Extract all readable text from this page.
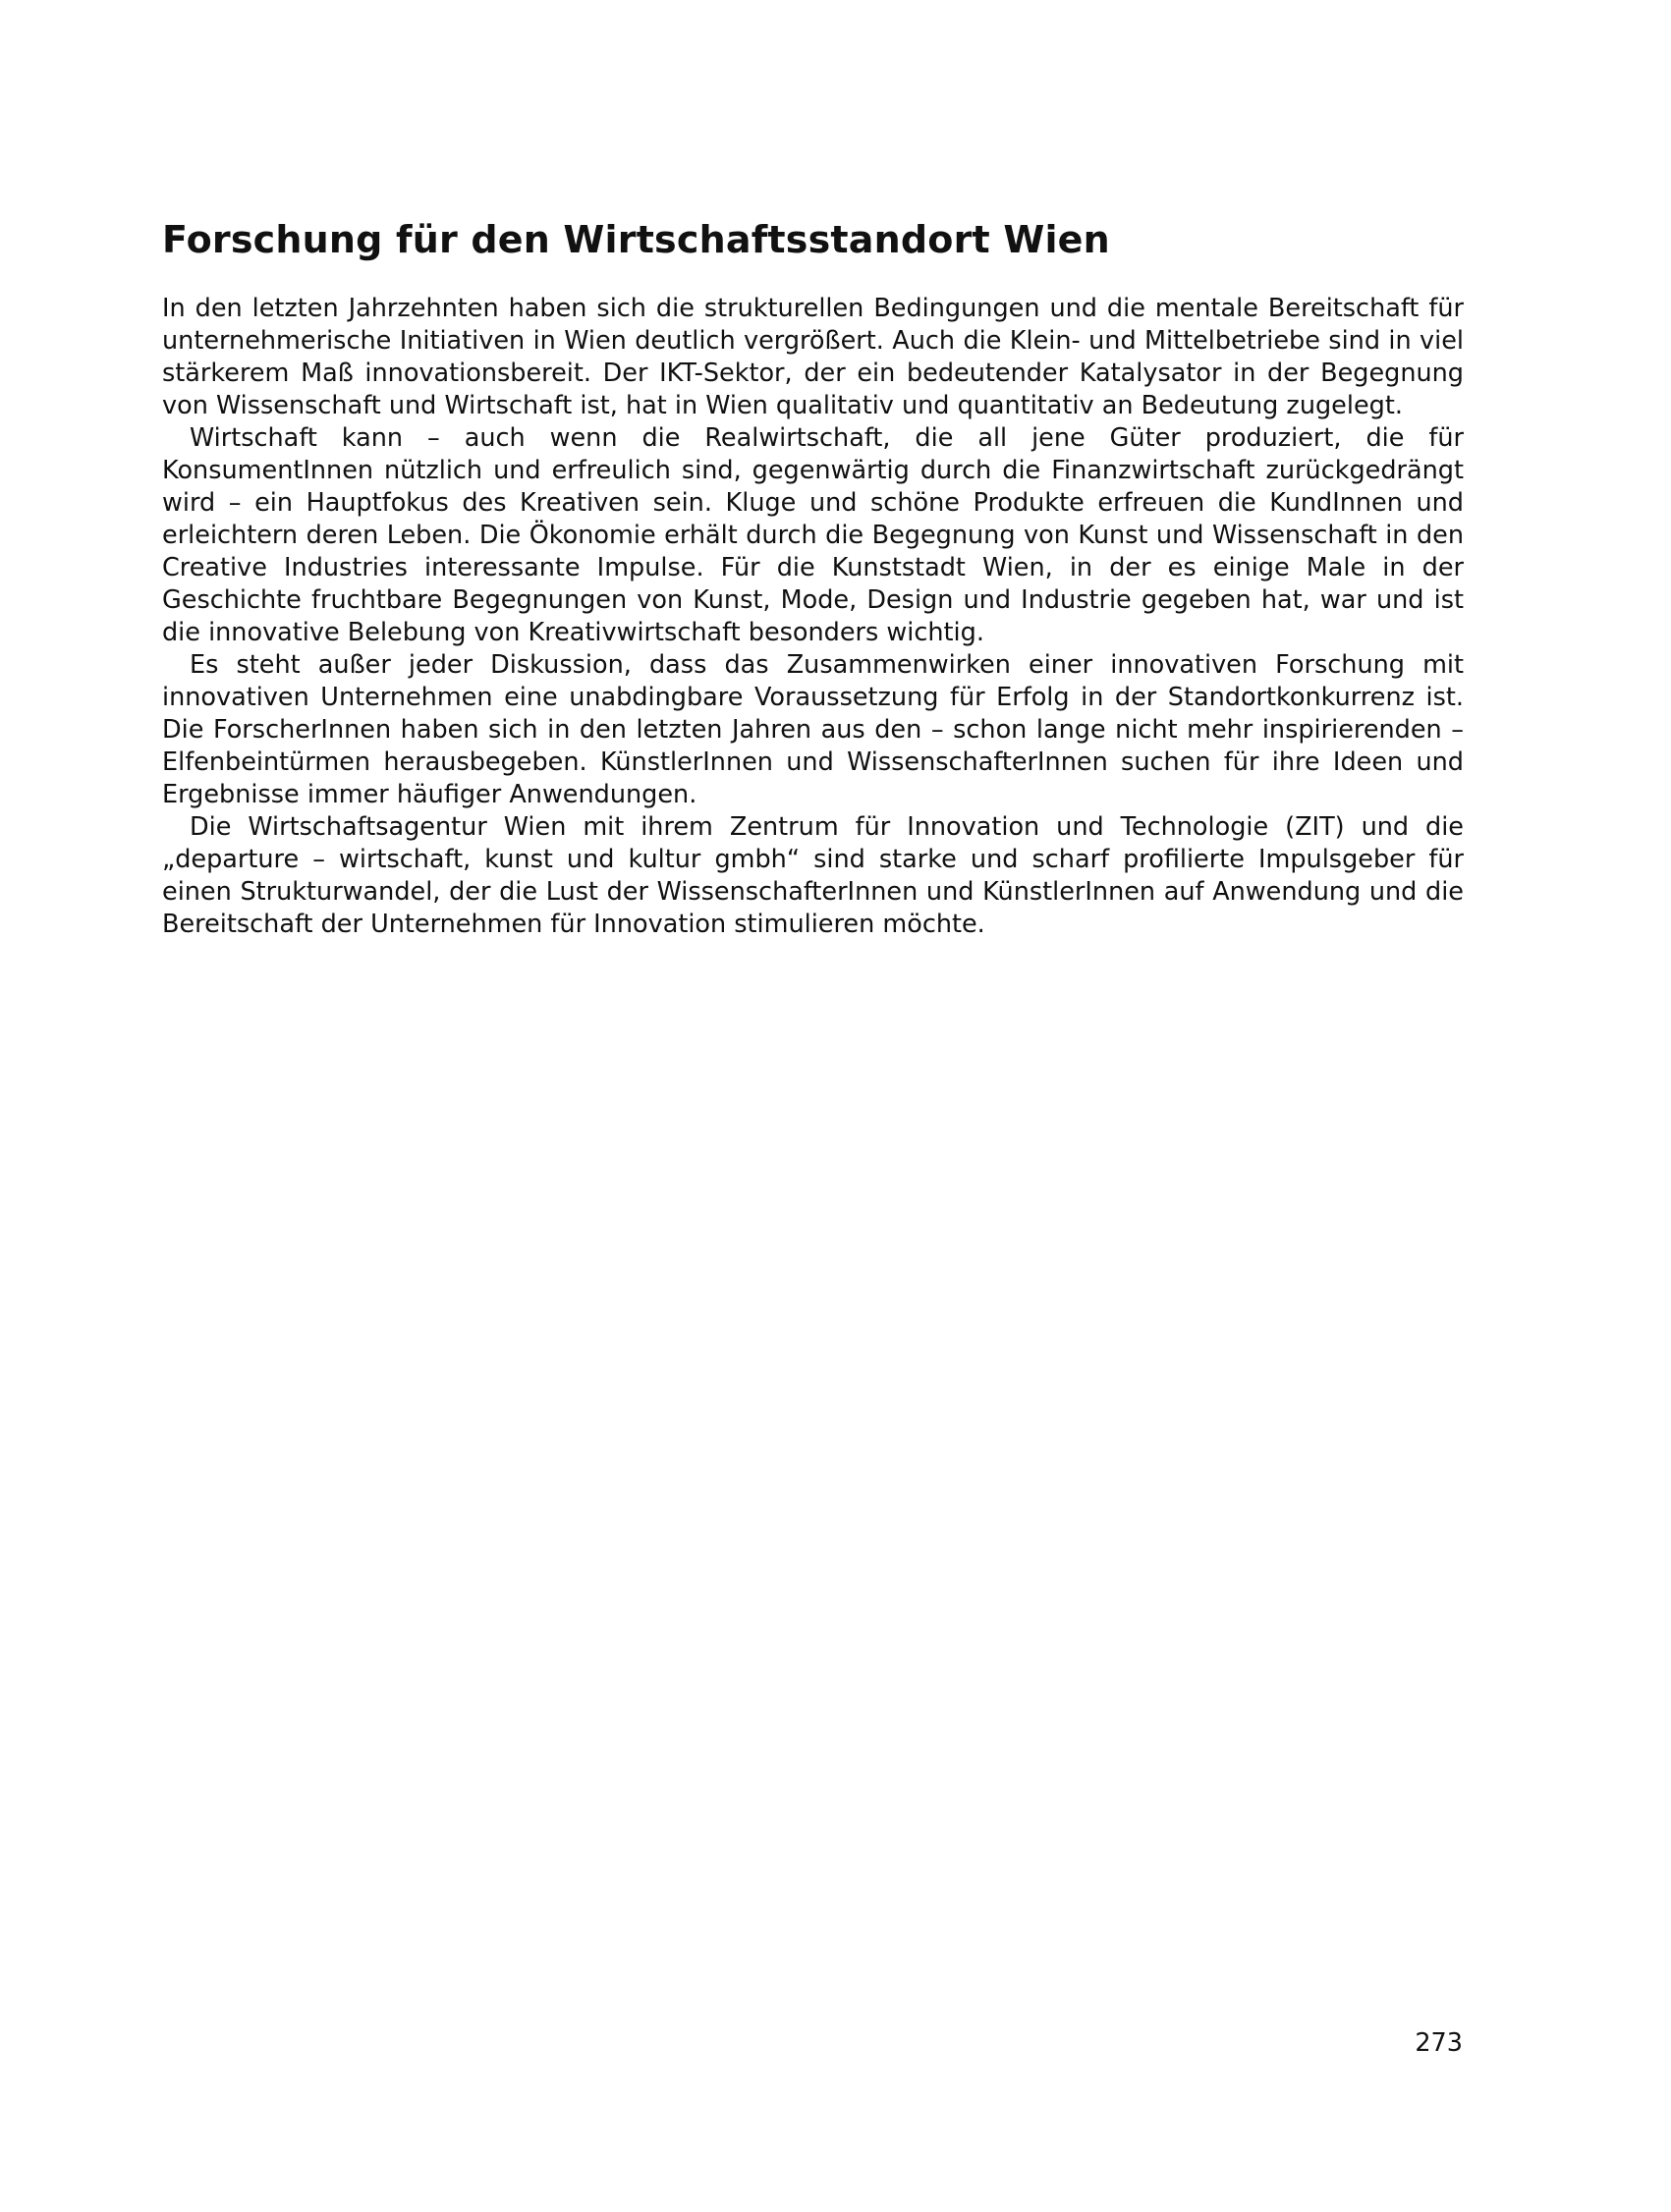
Forschung für den Wirtschaftsstandort Wien

In den letzten Jahrzehnten haben sich die strukturellen Bedingungen und die mentale Bereitschaft für unternehmerische Initiativen in Wien deutlich vergrößert. Auch die Klein- und Mittelbetriebe sind in viel stärkerem Maß innovationsbereit. Der IKT-Sektor, der ein bedeutender Katalysator in der Begegnung von Wissenschaft und Wirtschaft ist, hat in Wien qualitativ und quantitativ an Bedeutung zugelegt.

Wirtschaft kann – auch wenn die Realwirtschaft, die all jene Güter produziert, die für KonsumentInnen nützlich und erfreulich sind, gegenwärtig durch die Finanzwirtschaft zurückgedrängt wird – ein Hauptfokus des Kreativen sein. Kluge und schöne Produkte erfreuen die KundInnen und erleichtern deren Leben. Die Ökonomie erhält durch die Begegnung von Kunst und Wissenschaft in den Creative Industries interessante Impulse. Für die Kunststadt Wien, in der es einige Male in der Geschichte fruchtbare Begegnungen von Kunst, Mode, Design und Industrie gegeben hat, war und ist die innovative Belebung von Kreativwirtschaft besonders wichtig.

Es steht außer jeder Diskussion, dass das Zusammenwirken einer innovativen Forschung mit innovativen Unternehmen eine unabdingbare Voraussetzung für Erfolg in der Standortkonkurrenz ist. Die ForscherInnen haben sich in den letzten Jahren aus den – schon lange nicht mehr inspirierenden – Elfenbeintürmen herausbegeben. KünstlerInnen und WissenschafterInnen suchen für ihre Ideen und Ergebnisse immer häufiger Anwendungen.

Die Wirtschaftsagentur Wien mit ihrem Zentrum für Innovation und Technologie (ZIT) und die „departure – wirtschaft, kunst und kultur gmbh“ sind starke und scharf profilierte Impulsgeber für einen Strukturwandel, der die Lust der WissenschafterInnen und KünstlerInnen auf Anwendung und die Bereitschaft der Unternehmen für Innovation stimulieren möchte.

273
